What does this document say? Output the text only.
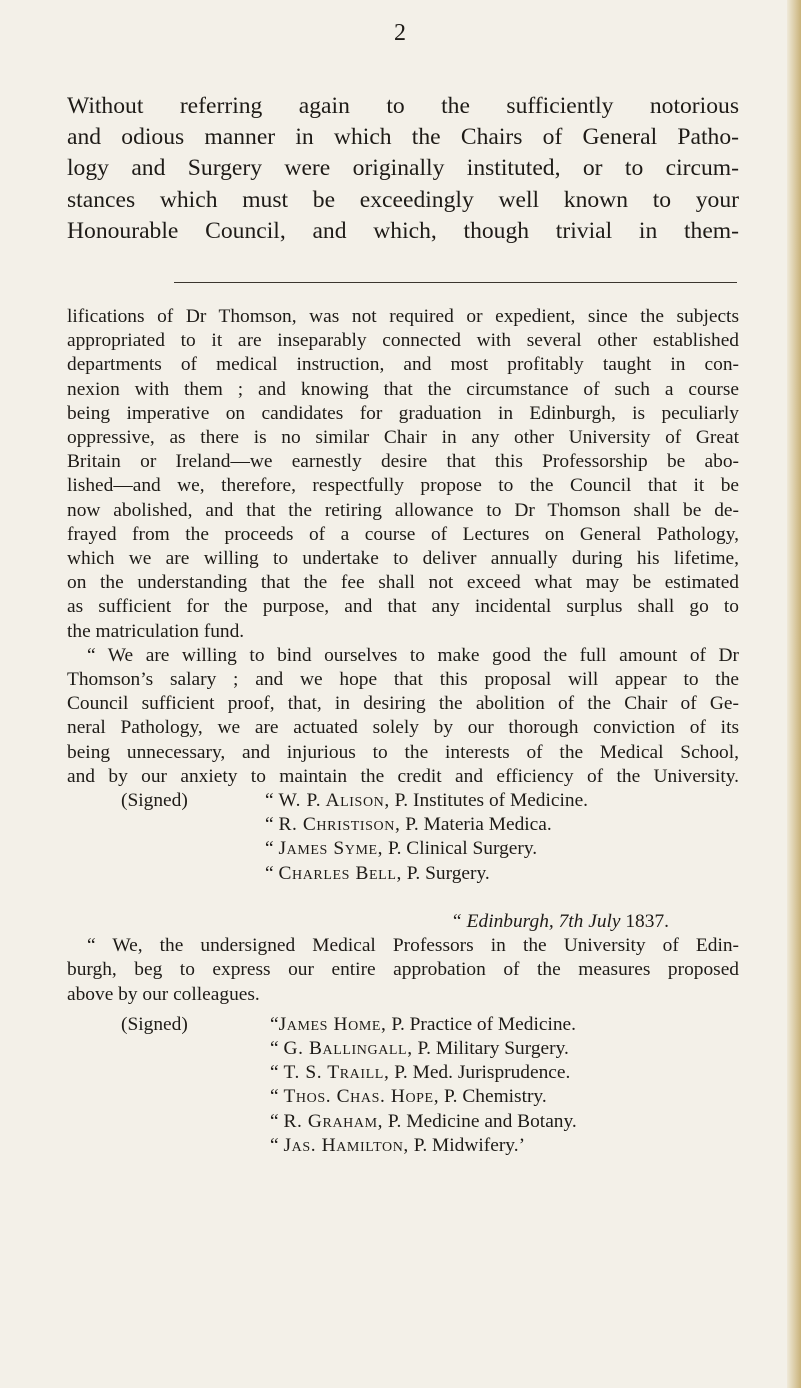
2
Without referring again to the sufficiently notorious
and odious manner in which the Chairs of General Patho-
logy and Surgery were originally instituted, or to circum-
stances which must be exceedingly well known to your
Honourable Council, and which, though trivial in them-
lifications of Dr Thomson, was not required or expedient, since the subjects
appropriated to it are inseparably connected with several other established
departments of medical instruction, and most profitably taught in con-
nexion with them ; and knowing that the circumstance of such a course
being imperative on candidates for graduation in Edinburgh, is peculiarly
oppressive, as there is no similar Chair in any other University of Great
Britain or Ireland—we earnestly desire that this Professorship be abo-
lished—and we, therefore, respectfully propose to the Council that it be
now abolished, and that the retiring allowance to Dr Thomson shall be de-
frayed from the proceeds of a course of Lectures on General Pathology,
which we are willing to undertake to deliver annually during his lifetime,
on the understanding that the fee shall not exceed what may be estimated
as sufficient for the purpose, and that any incidental surplus shall go to
the matriculation fund.
“ We are willing to bind ourselves to make good the full amount of Dr
Thomson’s salary ; and we hope that this proposal will appear to the
Council sufficient proof, that, in desiring the abolition of the Chair of Ge-
neral Pathology, we are actuated solely by our thorough conviction of its
being unnecessary, and injurious to the interests of the Medical School,
and by our anxiety to maintain the credit and efficiency of the University.
(Signed)	“ W. P. Alison, P. Institutes of Medicine.
“ R. Christison, P. Materia Medica.
“ James Syme, P. Clinical Surgery.
“ Charles Bell, P. Surgery.
“ Edinburgh, 7th July 1837.
“ We, the undersigned Medical Professors in the University of Edin-
burgh, beg to express our entire approbation of the measures proposed
above by our colleagues.
(Signed)	“James Home, P. Practice of Medicine.
“ G. Ballingall, P. Military Surgery.
“ T. S. Traill, P. Med. Jurisprudence.
“ Thos. Chas. Hope, P. Chemistry.
“ R. Graham, P. Medicine and Botany.
“ Jas. Hamilton, P. Midwifery.’
